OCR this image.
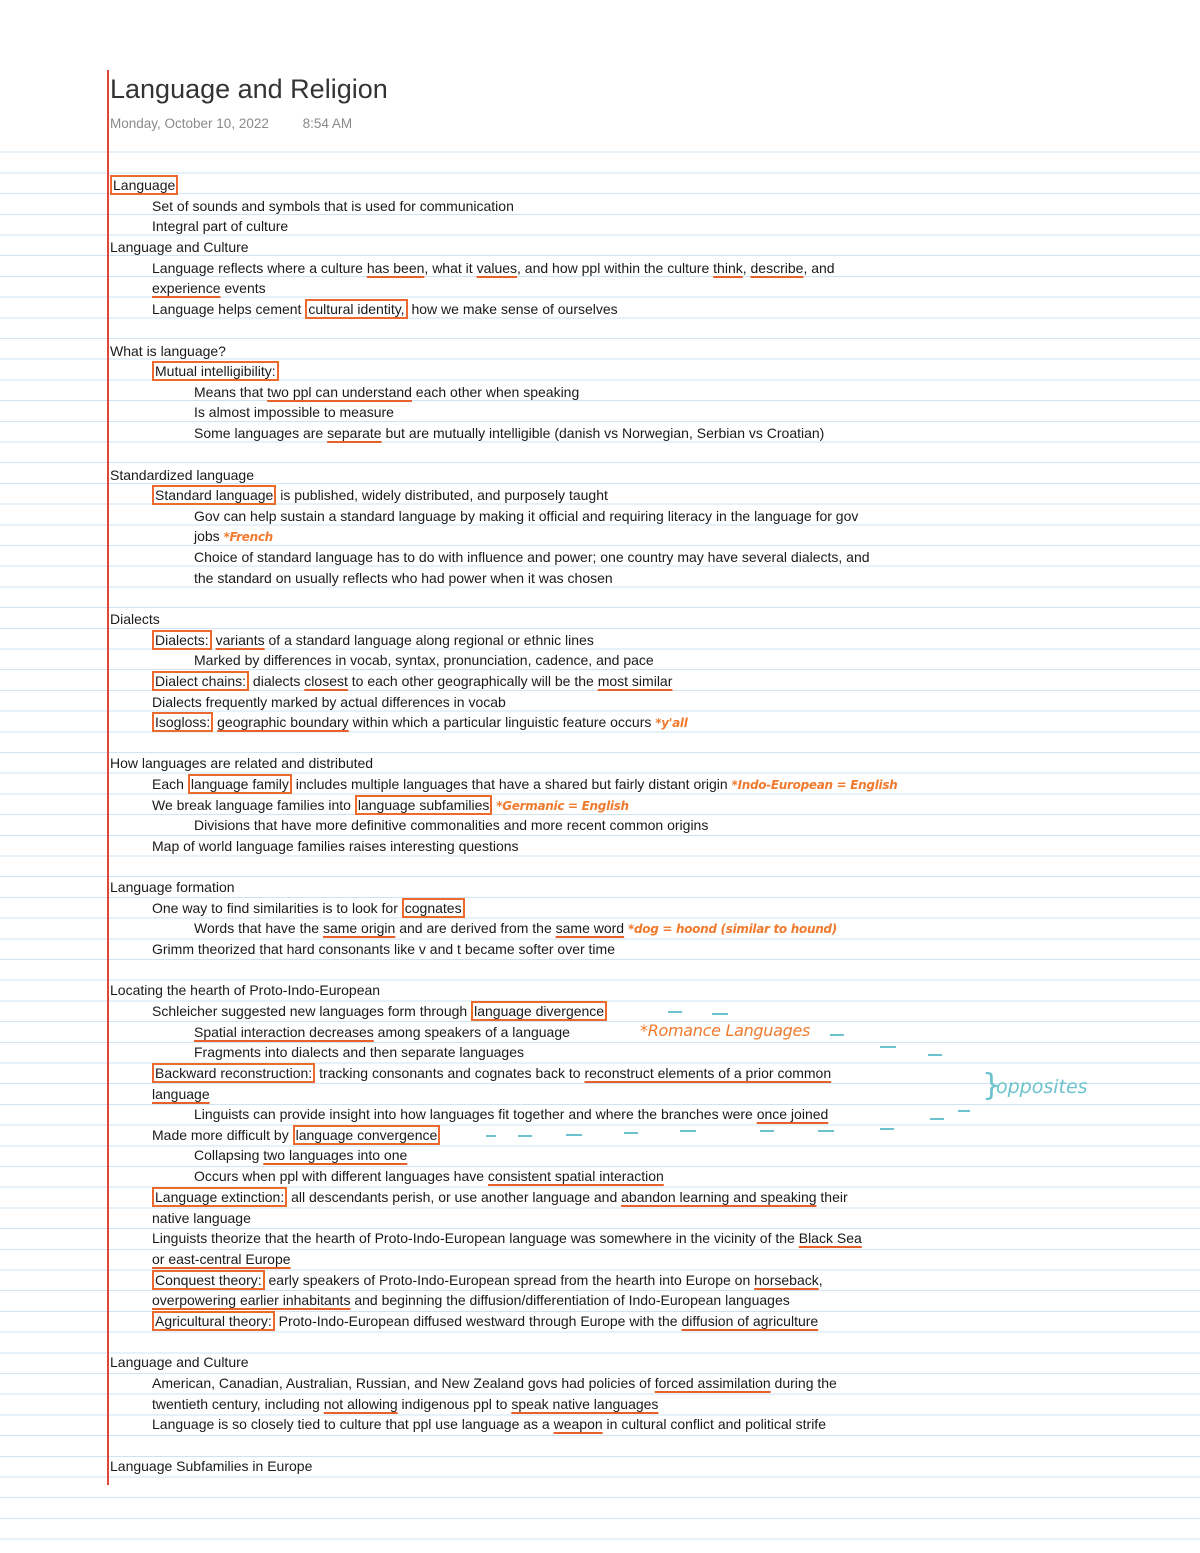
Language and Religion
Monday, October 10, 2022	8:54 AM
Language
Set of sounds and symbols that is used for communication
Integral part of culture
Language and Culture
Language reflects where a culture has been, what it values, and how ppl within the culture think, describe, and
experience events
Language helps cement cultural identity, how we make sense of ourselves
What is language?
Mutual intelligibility:
Means that two ppl can understand each other when speaking
Is almost impossible to measure
Some languages are separate but are mutually intelligible (danish vs Norwegian, Serbian vs Croatian)
Standardized language
Standard language is published, widely distributed, and purposely taught
Gov can help sustain a standard language by making it official and requiring literacy in the language for gov
jobs *French
Choice of standard language has to do with influence and power; one country may have several dialects, and
the standard on usually reflects who had power when it was chosen
Dialects
Dialects: variants of a standard language along regional or ethnic lines
Marked by differences in vocab, syntax, pronunciation, cadence, and pace
Dialect chains: dialects closest to each other geographically will be the most similar
Dialects frequently marked by actual differences in vocab
Isogloss: geographic boundary within which a particular linguistic feature occurs *y'all
How languages are related and distributed
Each language family includes multiple languages that have a shared but fairly distant origin *Indo-European = English
We break language families into language subfamilies *Germanic = English
Divisions that have more definitive commonalities and more recent common origins
Map of world language families raises interesting questions
Language formation
One way to find similarities is to look for cognates
Words that have the same origin and are derived from the same word *dog = hoond (similar to hound)
Grimm theorized that hard consonants like v and t became softer over time
Locating the hearth of Proto-Indo-European
Schleicher suggested new languages form through language divergence
Spatial interaction decreases among speakers of a language
Fragments into dialects and then separate languages
Backward reconstruction: tracking consonants and cognates back to reconstruct elements of a prior common
language
Linguists can provide insight into how languages fit together and where the branches were once joined
Made more difficult by language convergence
Collapsing two languages into one
Occurs when ppl with different languages have consistent spatial interaction
Language extinction: all descendants perish, or use another language and abandon learning and speaking their
native language
Linguists theorize that the hearth of Proto-Indo-European language was somewhere in the vicinity of the Black Sea
or east-central Europe
Conquest theory: early speakers of Proto-Indo-European spread from the hearth into Europe on horseback,
overpowering earlier inhabitants and beginning the diffusion/differentiation of Indo-European languages
Agricultural theory: Proto-Indo-European diffused westward through Europe with the diffusion of agriculture
Language and Culture
American, Canadian, Australian, Russian, and New Zealand govs had policies of forced assimilation during the
twentieth century, including not allowing indigenous ppl to speak native languages
Language is so closely tied to culture that ppl use language as a weapon in cultural conflict and political strife
Language Subfamilies in Europe
*Romance Languages
}
opposites
